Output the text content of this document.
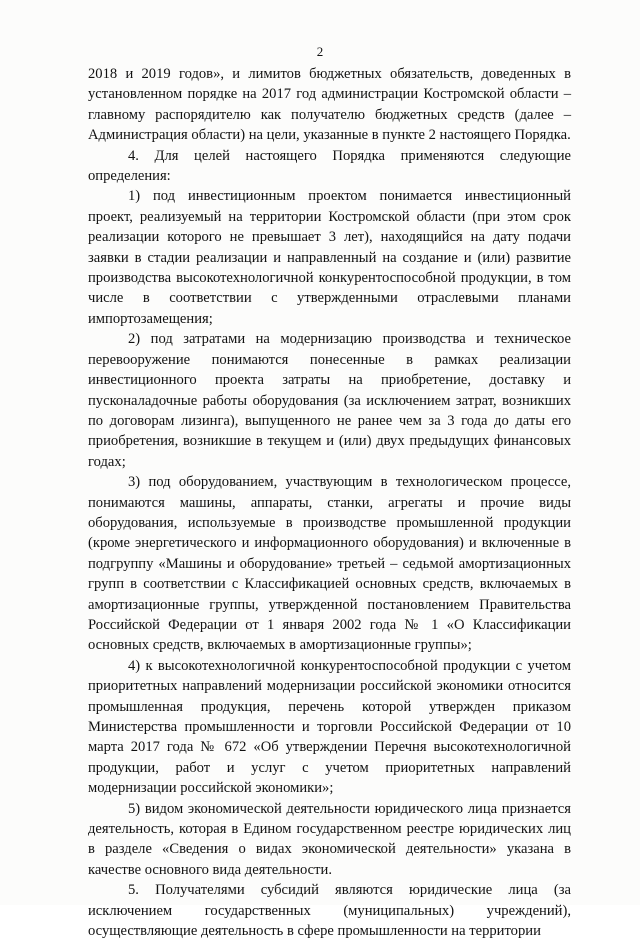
2

2018 и 2019 годов», и лимитов бюджетных обязательств, доведенных в установленном порядке на 2017 год администрации Костромской области – главному распорядителю как получателю бюджетных средств (далее – Администрация области) на цели, указанные в пункте 2 настоящего Порядка.

4. Для целей настоящего Порядка применяются следующие определения:

1) под инвестиционным проектом понимается инвестиционный проект, реализуемый на территории Костромской области (при этом срок реализации которого не превышает 3 лет), находящийся на дату подачи заявки в стадии реализации и направленный на создание и (или) развитие производства высокотехнологичной конкурентоспособной продукции, в том числе в соответствии с утвержденными отраслевыми планами импортозамещения;

2) под затратами на модернизацию производства и техническое перевооружение понимаются понесенные в рамках реализации инвестиционного проекта затраты на приобретение, доставку и пусконаладочные работы оборудования (за исключением затрат, возникших по договорам лизинга), выпущенного не ранее чем за 3 года до даты его приобретения, возникшие в текущем и (или) двух предыдущих финансовых годах;

3) под оборудованием, участвующим в технологическом процессе, понимаются машины, аппараты, станки, агрегаты и прочие виды оборудования, используемые в производстве промышленной продукции (кроме энергетического и информационного оборудования) и включенные в подгруппу «Машины и оборудование» третьей – седьмой амортизационных групп в соответствии с Классификацией основных средств, включаемых в амортизационные группы, утвержденной постановлением Правительства Российской Федерации от 1 января 2002 года № 1 «О Классификации основных средств, включаемых в амортизационные группы»;

4) к высокотехнологичной конкурентоспособной продукции с учетом приоритетных направлений модернизации российской экономики относится промышленная продукция, перечень которой утвержден приказом Министерства промышленности и торговли Российской Федерации от 10 марта 2017 года № 672 «Об утверждении Перечня высокотехнологичной продукции, работ и услуг с учетом приоритетных направлений модернизации российской экономики»;

5) видом экономической деятельности юридического лица признается деятельность, которая в Едином государственном реестре юридических лиц в разделе «Сведения о видах экономической деятельности» указана в качестве основного вида деятельности.

5. Получателями субсидий являются юридические лица (за исключением государственных (муниципальных) учреждений), осуществляющие деятельность в сфере промышленности на территории
